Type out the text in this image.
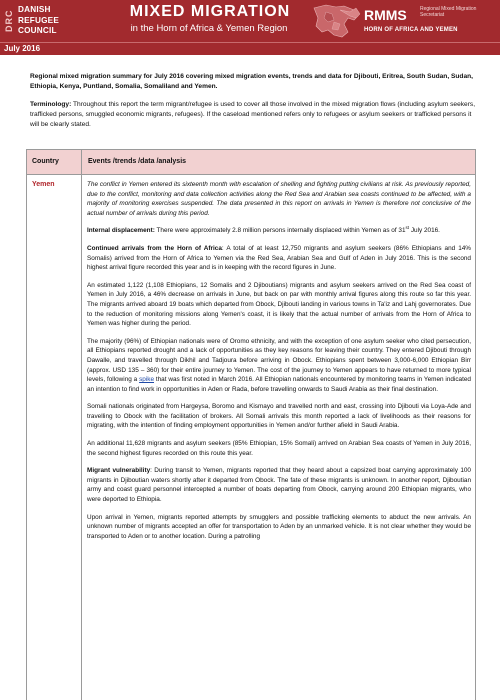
DRC
DANISH
REFUGEE
COUNCIL
MIXED MIGRATION
in the Horn of Africa & Yemen Region
RMMS	Regional Mixed Migration Secretariat
HORN OF AFRICA AND YEMEN
July 2016
Regional mixed migration summary for July 2016 covering mixed migration events, trends and data for Djibouti, Eritrea, South Sudan, Sudan, Ethiopia, Kenya, Puntland, Somalia, Somaliland and Yemen.
Terminology: Throughout this report the term migrant/refugee is used to cover all those involved in the mixed migration flows (including asylum seekers, trafficked persons, smuggled economic migrants, refugees). If the caseload mentioned refers only to refugees or asylum seekers or trafficked persons it will be clearly stated.
Country	Events /trends /data /analysis
Yemen	The conflict in Yemen entered its sixteenth month with escalation of shelling and fighting putting civilians at risk. As previously reported, due to the conflict, monitoring and data collection activities along the Red Sea and Arabian sea coasts continued to be affected, with a majority of monitoring exercises suspended. The data presented in this report on arrivals in Yemen is therefore not conclusive of the actual number of arrivals during this period.

Internal displacement: There were approximately 2.8 million persons internally displaced within Yemen as of 31st July 2016.

Continued arrivals from the Horn of Africa: A total of at least 12,750 migrants and asylum seekers (86% Ethiopians and 14% Somalis) arrived from the Horn of Africa to Yemen via the Red Sea, Arabian Sea and Gulf of Aden in July 2016. This is the second highest arrival figure recorded this year and is in keeping with the record figures in June.

An estimated 1,122 (1,108 Ethiopians, 12 Somalis and 2 Djiboutians) migrants and asylum seekers arrived on the Red Sea coast of Yemen in July 2016, a 46% decrease on arrivals in June, but back on par with monthly arrival figures along this route so far this year. The migrants arrived aboard 19 boats which departed from Obock, Djibouti landing in various towns in Ta'iz and Lahj governorates. Due to the reduction of monitoring missions along Yemen's coast, it is likely that the actual number of arrivals from the Horn of Africa to Yemen was higher during the period.

The majority (96%) of Ethiopian nationals were of Oromo ethnicity, and with the exception of one asylum seeker who cited persecution, all Ethiopians reported drought and a lack of opportunities as they key reasons for leaving their country. They entered Djibouti through Dawalle, and travelled through Dikhil and Tadjoura before arriving in Obock. Ethiopians spent between 3,000-6,000 Ethiopian Birr (approx. USD 135 – 360) for their entire journey to Yemen. The cost of the journey to Yemen appears to have returned to more typical levels, following a spike that was first noted in March 2016. All Ethiopian nationals encountered by monitoring teams in Yemen indicated an intention to find work in opportunities in Aden or Rada, before travelling onwards to Saudi Arabia as their final destination.

Somali nationals originated from Hargeysa, Boromo and Kismayo and travelled north and east, crossing into Djibouti via Loya-Ade and travelling to Obock with the facilitation of brokers. All Somali arrivals this month reported a lack of livelihoods as their reasons for migrating, with the intention of finding employment opportunities in Yemen and/or further afield in Saudi Arabia.

An additional 11,628 migrants and asylum seekers (85% Ethiopian, 15% Somali) arrived on Arabian Sea coasts of Yemen in July 2016, the second highest figures recorded on this route this year.

Migrant vulnerability: During transit to Yemen, migrants reported that they heard about a capsized boat carrying approximately 100 migrants in Djiboutian waters shortly after it departed from Obock. The fate of these migrants is unknown. In another report, Djiboutian army and coast guard personnel intercepted a number of boats departing from Obock, carrying around 200 Ethiopian migrants, who were deported to Ethiopia.

Upon arrival in Yemen, migrants reported attempts by smugglers and possible trafficking elements to abduct the new arrivals. An unknown number of migrants accepted an offer for transportation to Aden by an unmarked vehicle. It is not clear whether they would be transported to Aden or to another location. During a patrolling
